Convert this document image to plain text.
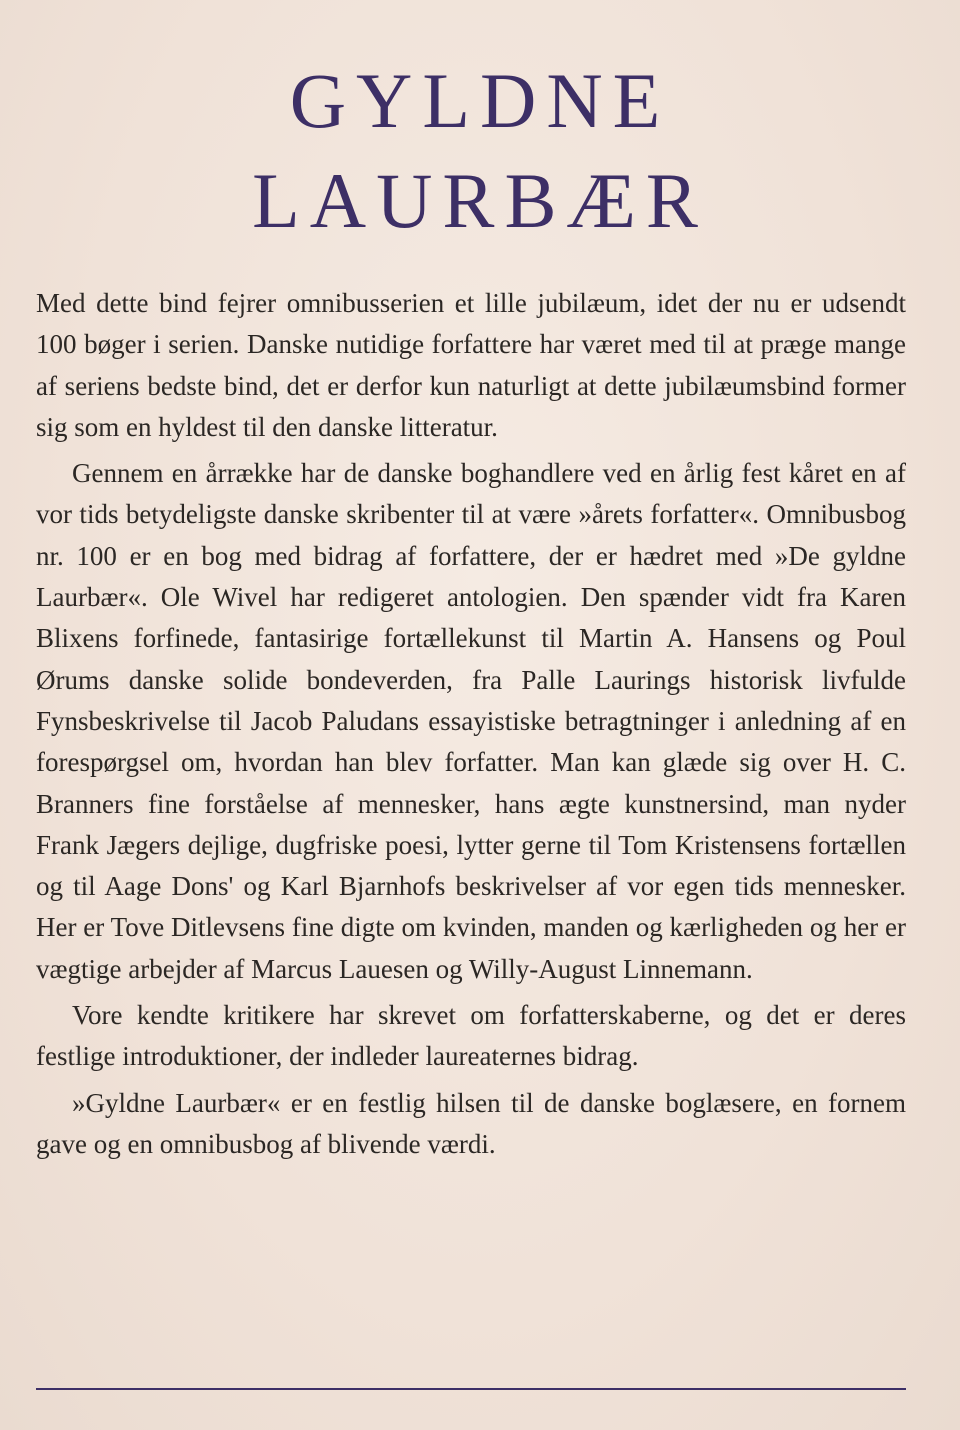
GYLDNE
LAURBÆR

Med dette bind fejrer omnibusserien et lille jubilæum, idet der nu er udsendt 100 bøger i serien. Danske nutidige forfattere har været med til at præge mange af seriens bedste bind, det er derfor kun naturligt at dette jubilæumsbind former sig som en hyldest til den danske litteratur.

Gennem en årrække har de danske boghandlere ved en årlig fest kåret en af vor tids betydeligste danske skribenter til at være »årets forfatter«. Omnibusbog nr. 100 er en bog med bidrag af forfattere, der er hædret med »De gyldne Laurbær«. Ole Wivel har redigeret antologien. Den spænder vidt fra Karen Blixens forfinede, fantasirige fortællekunst til Martin A. Hansens og Poul Ørums danske solide bondeverden, fra Palle Laurings historisk livfulde Fynsbeskrivelse til Jacob Paludans essayistiske betragtninger i anledning af en forespørgsel om, hvordan han blev forfatter. Man kan glæde sig over H. C. Branners fine forståelse af mennesker, hans ægte kunstnersind, man nyder Frank Jægers dejlige, dugfriske poesi, lytter gerne til Tom Kristensens fortællen og til Aage Dons' og Karl Bjarnhofs beskrivelser af vor egen tids mennesker. Her er Tove Ditlevsens fine digte om kvinden, manden og kærligheden og her er vægtige arbejder af Marcus Lauesen og Willy-August Linnemann.

Vore kendte kritikere har skrevet om forfatterskaberne, og det er deres festlige introduktioner, der indleder laureaternes bidrag.

»Gyldne Laurbær« er en festlig hilsen til de danske boglæsere, en fornem gave og en omnibusbog af blivende værdi.
